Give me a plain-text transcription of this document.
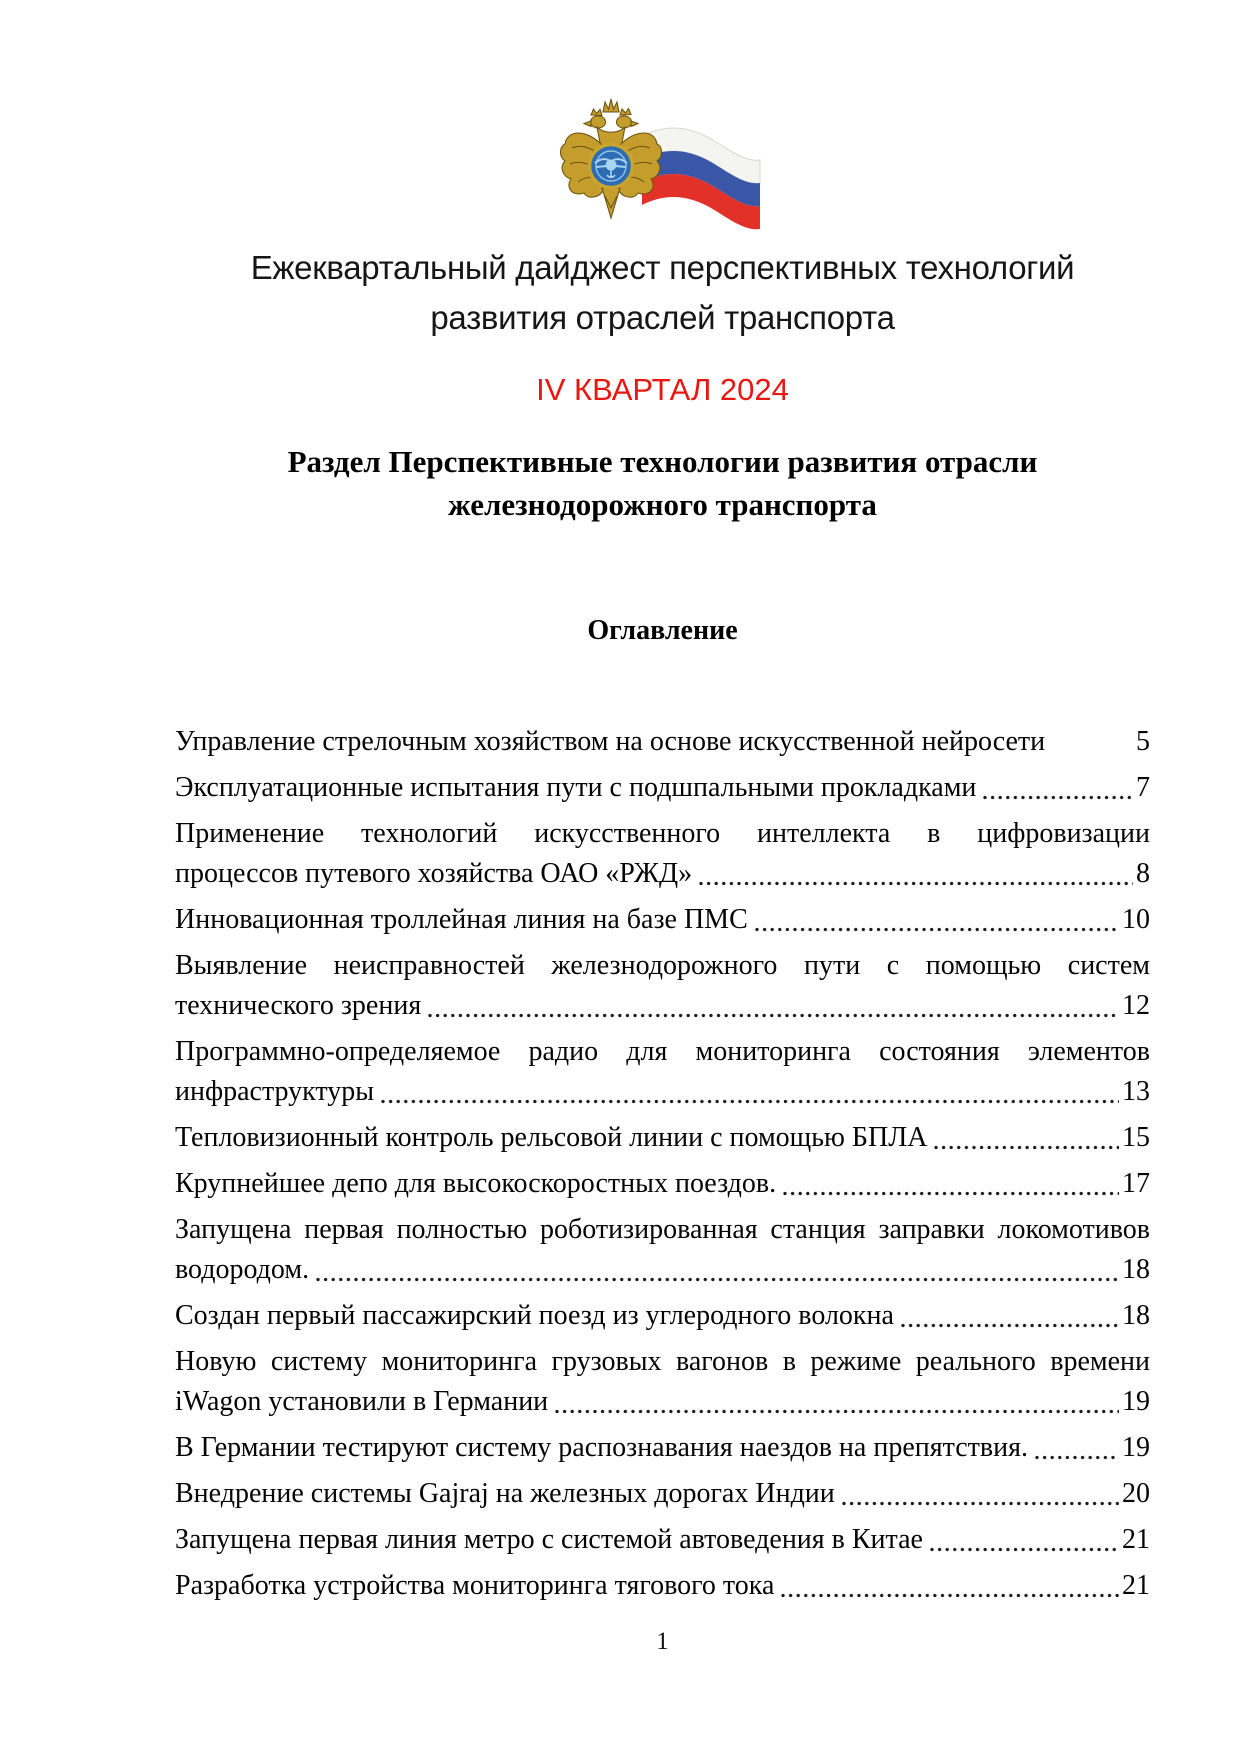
Ежеквартальный дайджест перспективных технологий
развития отраслей транспорта
IV КВАРТАЛ 2024
Раздел Перспективные технологии развития отрасли
железнодорожного транспорта
Оглавление
Управление стрелочным хозяйством на основе искусственной нейросети	5
Эксплуатационные испытания пути с подшпальными прокладками	7
Применение технологий искусственного интеллекта в цифровизации
процессов путевого хозяйства ОАО «РЖД»	8
Инновационная троллейная линия на базе ПМС	10
Выявление неисправностей железнодорожного пути с помощью систем
технического зрения	12
Программно-определяемое радио для мониторинга состояния элементов
инфраструктуры	13
Тепловизионный контроль рельсовой линии с помощью БПЛА	15
Крупнейшее депо для высокоскоростных поездов.	17
Запущена первая полностью роботизированная станция заправки локомотивов
водородом.	18
Создан первый пассажирский поезд из углеродного волокна	18
Новую систему мониторинга грузовых вагонов в режиме реального времени
iWagon установили в Германии	19
В Германии тестируют систему распознавания наездов на препятствия.	19
Внедрение системы Gajraj на железных дорогах Индии	20
Запущена первая линия метро с системой автоведения в Китае	21
Разработка устройства мониторинга тягового тока	21
1
